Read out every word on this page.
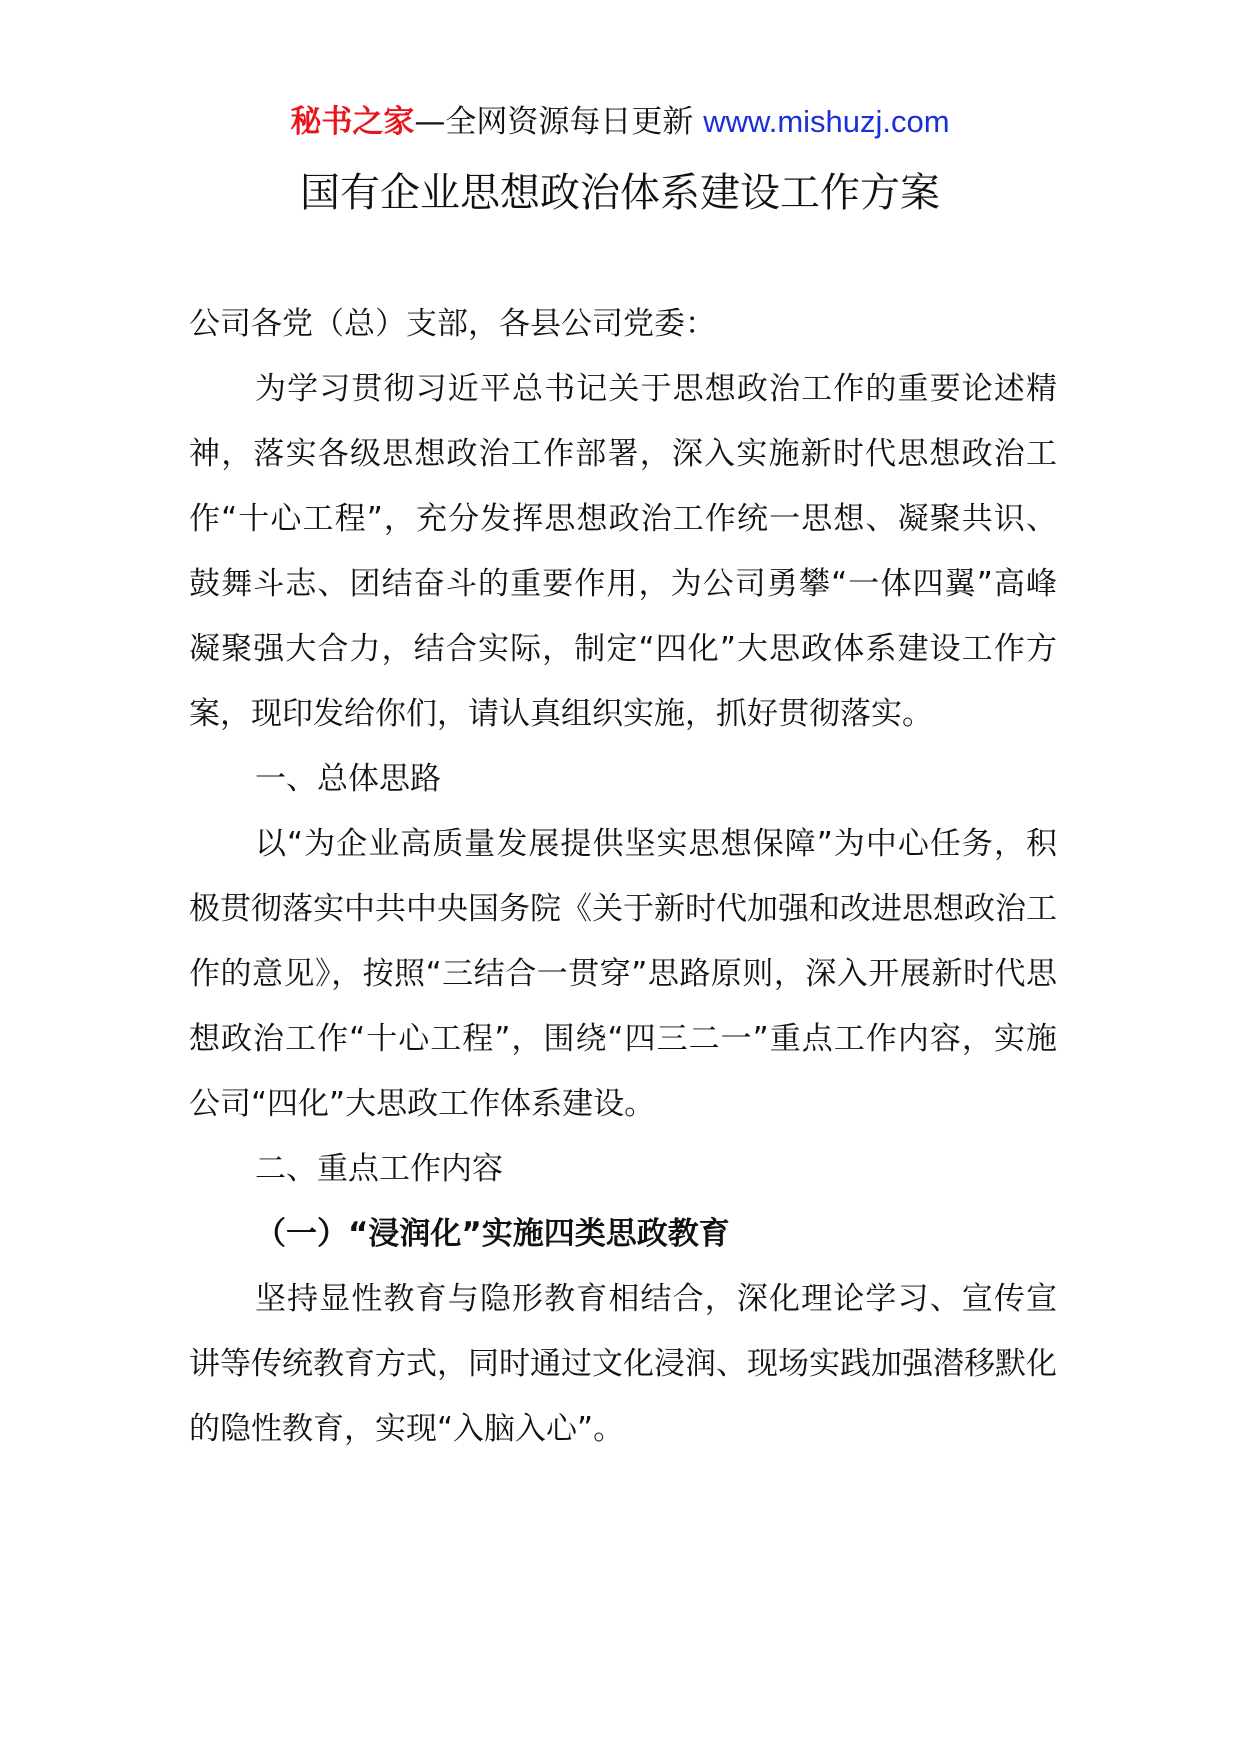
秘书之家—全网资源每日更新 www.mishuzj.com
国有企业思想政治体系建设工作方案

公司各党（总）支部，各县公司党委：

为学习贯彻习近平总书记关于思想政治工作的重要论述精神，落实各级思想政治工作部署，深入实施新时代思想政治工作“十心工程”，充分发挥思想政治工作统一思想、凝聚共识、鼓舞斗志、团结奋斗的重要作用，为公司勇攀“一体四翼”高峰凝聚强大合力，结合实际，制定“四化”大思政体系建设工作方案，现印发给你们，请认真组织实施，抓好贯彻落实。

一、总体思路

以“为企业高质量发展提供坚实思想保障”为中心任务，积极贯彻落实中共中央国务院《关于新时代加强和改进思想政治工作的意见》，按照“三结合一贯穿”思路原则，深入开展新时代思想政治工作“十心工程”，围绕“四三二一”重点工作内容，实施公司“四化”大思政工作体系建设。

二、重点工作内容

（一）“浸润化”实施四类思政教育

坚持显性教育与隐形教育相结合，深化理论学习、宣传宣讲等传统教育方式，同时通过文化浸润、现场实践加强潜移默化的隐性教育，实现“入脑入心”。
